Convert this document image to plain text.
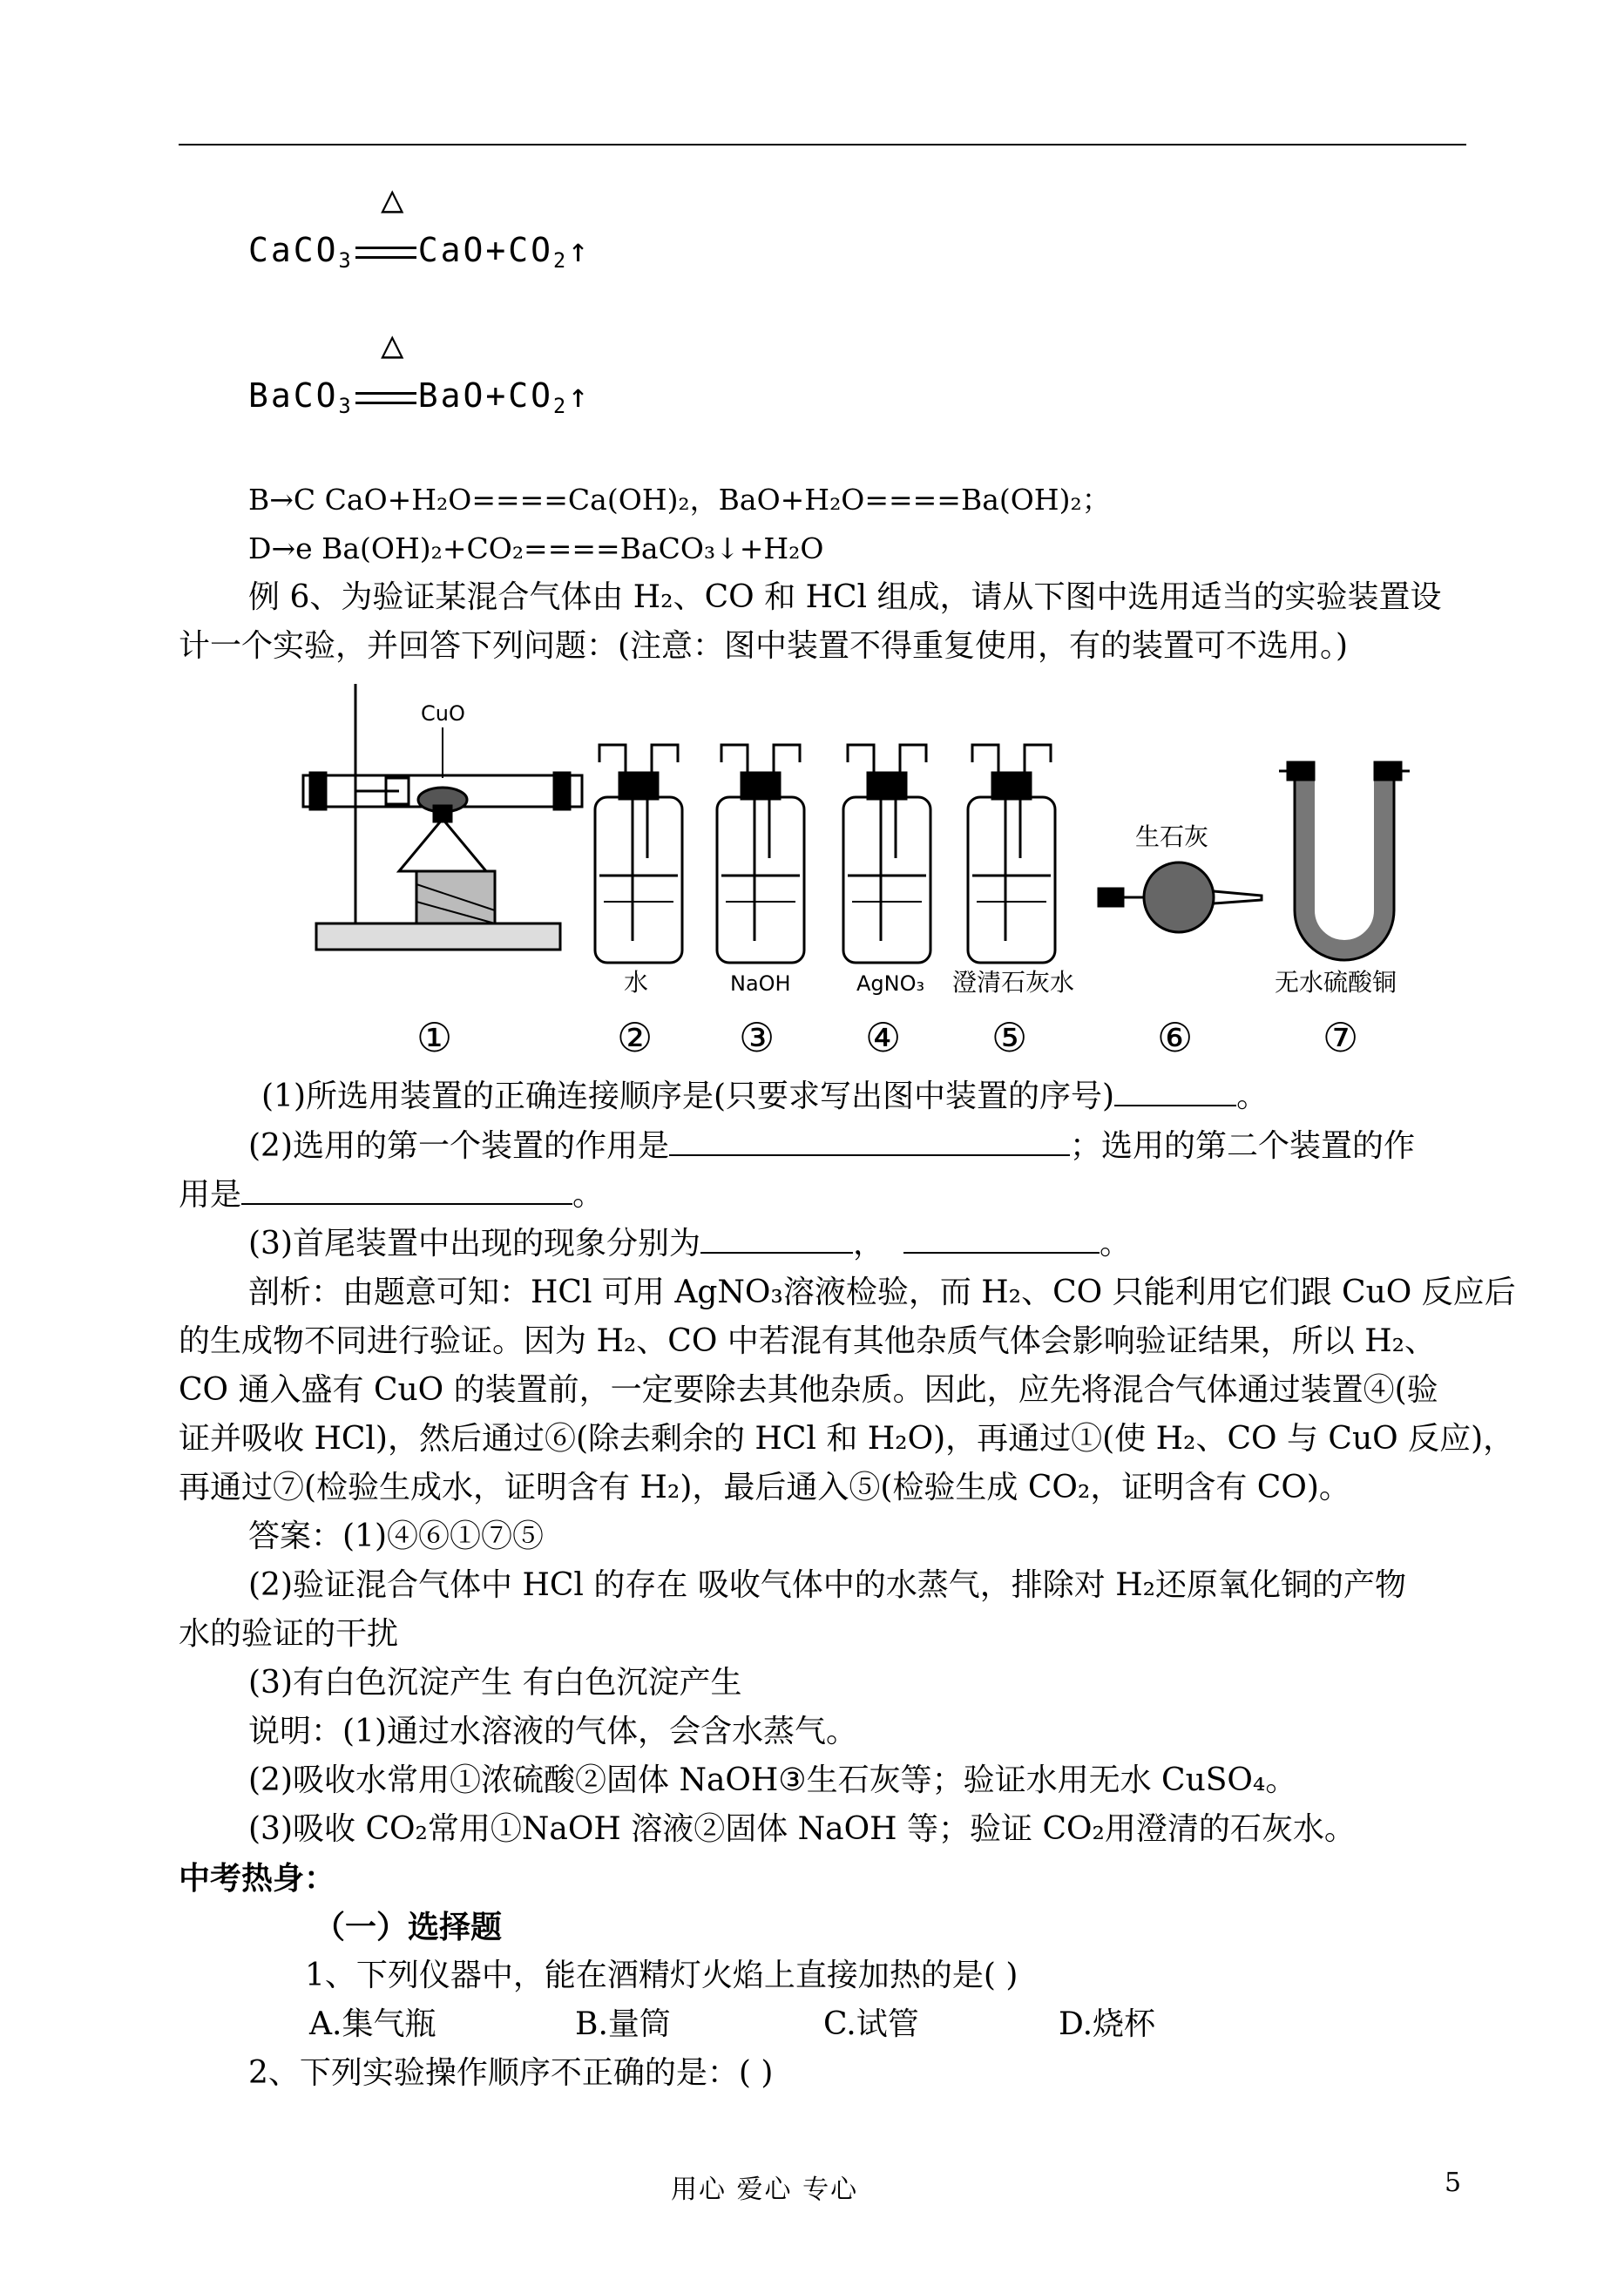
△
CaCO$_3$ $CaO+CO_2↑$
△
BaCO$_3$ $BaO+CO_2↑$
B→C CaO+H₂O====Ca(OH)₂，BaO+H₂O====Ba(OH)₂；
D→e Ba(OH)₂+CO₂====BaCO₃↓+H₂O
例 6、为验证某混合气体由 H₂、CO 和 HCl 组成，请从下图中选用适当的实验装置设
计一个实验，并回答下列问题：(注意：图中装置不得重复使用，有的装置可不选用。)
CuO
生石灰
水	NaOH	AgNO₃ 澄清石灰水	无水硫酸铜
①	② ③ ④ ⑤	⑥	⑦
(1)所选用装置的正确连接顺序是(只要求写出图中装置的序号)	。
(2)选用的第一个装置的作用是	；选用的第二个装置的作
用是	。
(3)首尾装置中出现的现象分别为	，	。
剖析：由题意可知：HCl 可用 AgNO₃溶液检验，而 H₂、CO 只能利用它们跟 CuO 反应后
的生成物不同进行验证。因为 H₂、CO 中若混有其他杂质气体会影响验证结果，所以 H₂、
CO 通入盛有 CuO 的装置前，一定要除去其他杂质。因此，应先将混合气体通过装置④(验
证并吸收 HCl)，然后通过⑥(除去剩余的 HCl 和 H₂O)，再通过①(使 H₂、CO 与 CuO 反应)，
再通过⑦(检验生成水，证明含有 H₂)，最后通入⑤(检验生成 CO₂，证明含有 CO)。
答案：(1)④⑥①⑦⑤
(2)验证混合气体中 HCl 的存在 吸收气体中的水蒸气，排除对 H₂还原氧化铜的产物
水的验证的干扰
(3)有白色沉淀产生 有白色沉淀产生
说明：(1)通过水溶液的气体，会含水蒸气。
(2)吸收水常用①浓硫酸②固体 NaOH③生石灰等；验证水用无水 CuSO₄。
(3)吸收 CO₂常用①NaOH 溶液②固体 NaOH 等；验证 CO₂用澄清的石灰水。
中考热身：
（一）选择题
1、下列仪器中，能在酒精灯火焰上直接加热的是( )
A.集气瓶	B.量筒	C.试管	D.烧杯
2、下列实验操作顺序不正确的是：( )
用心 爱心 专心	5
